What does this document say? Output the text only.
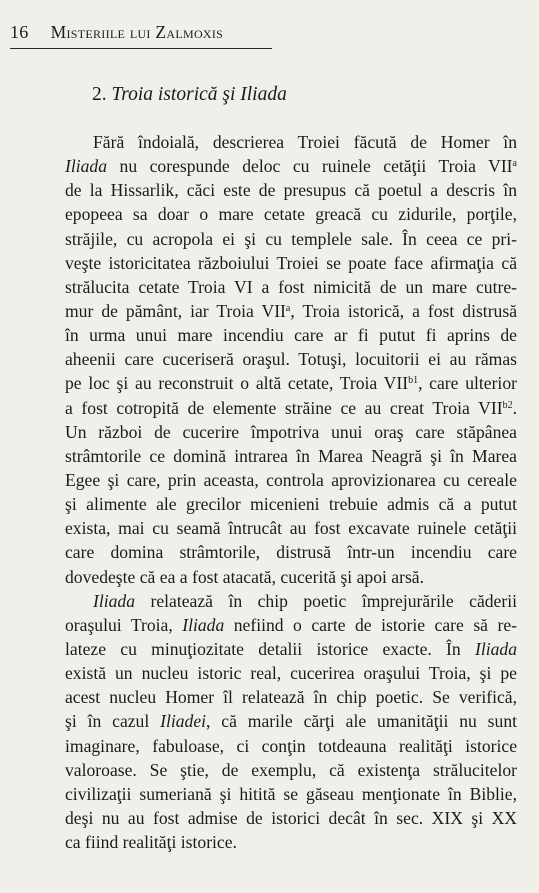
16 Misteriile lui Zalmoxis
2. Troia istorică şi Iliada
Fără îndoială, descrierea Troiei făcută de Homer în
Iliada nu corespunde deloc cu ruinele cetăţii Troia VII$^a$
de la Hissarlik, căci este de presupus că poetul a descris în
epopeea sa doar o mare cetate greacă cu zidurile, porţile,
străjile, cu acropola ei şi cu templele sale. În ceea ce pri-
veşte istoricitatea războiului Troiei se poate face afirmaţia că
strălucita cetate Troia VI a fost nimicită de un mare cutre-
mur de pământ, iar Troia VII$^a$, Troia istorică, a fost distrusă
în urma unui mare incendiu care ar fi putut fi aprins de
aheenii care cuceriseră oraşul. Totuşi, locuitorii ei au rămas
pe loc şi au reconstruit o altă cetate, Troia $VII^{b1}$, care ulterior
a fost cotropită de elemente străine ce au creat Troia $VII^{b2}$.
Un război de cucerire împotriva unui oraş care stăpânea
strâmtorile ce domină intrarea în Marea Neagră şi în Marea
Egee şi care, prin aceasta, controla aprovizionarea cu cereale
şi alimente ale grecilor micenieni trebuie admis că a putut
exista, mai cu seamă întrucât au fost excavate ruinele cetăţii
care domina strâmtorile, distrusă într-un incendiu care
dovedeşte că ea a fost atacată, cucerită şi apoi arsă.
Iliada relatează în chip poetic împrejurările căderii
oraşului Troia, Iliada nefiind o carte de istorie care să re-
lateze cu minuţiozitate detalii istorice exacte. În Iliada
există un nucleu istoric real, cucerirea oraşului Troia, şi pe
acest nucleu Homer îl relatează în chip poetic. Se verifică,
şi în cazul Iliadei, că marile cărţi ale umanităţii nu sunt
imaginare, fabuloase, ci conţin totdeauna realităţi istorice
valoroase. Se ştie, de exemplu, că existenţa strălucitelor
civilizaţii sumeriană şi hitită se găseau menţionate în Biblie,
deşi nu au fost admise de istorici decât în sec. XIX şi XX
ca fiind realităţi istorice.
